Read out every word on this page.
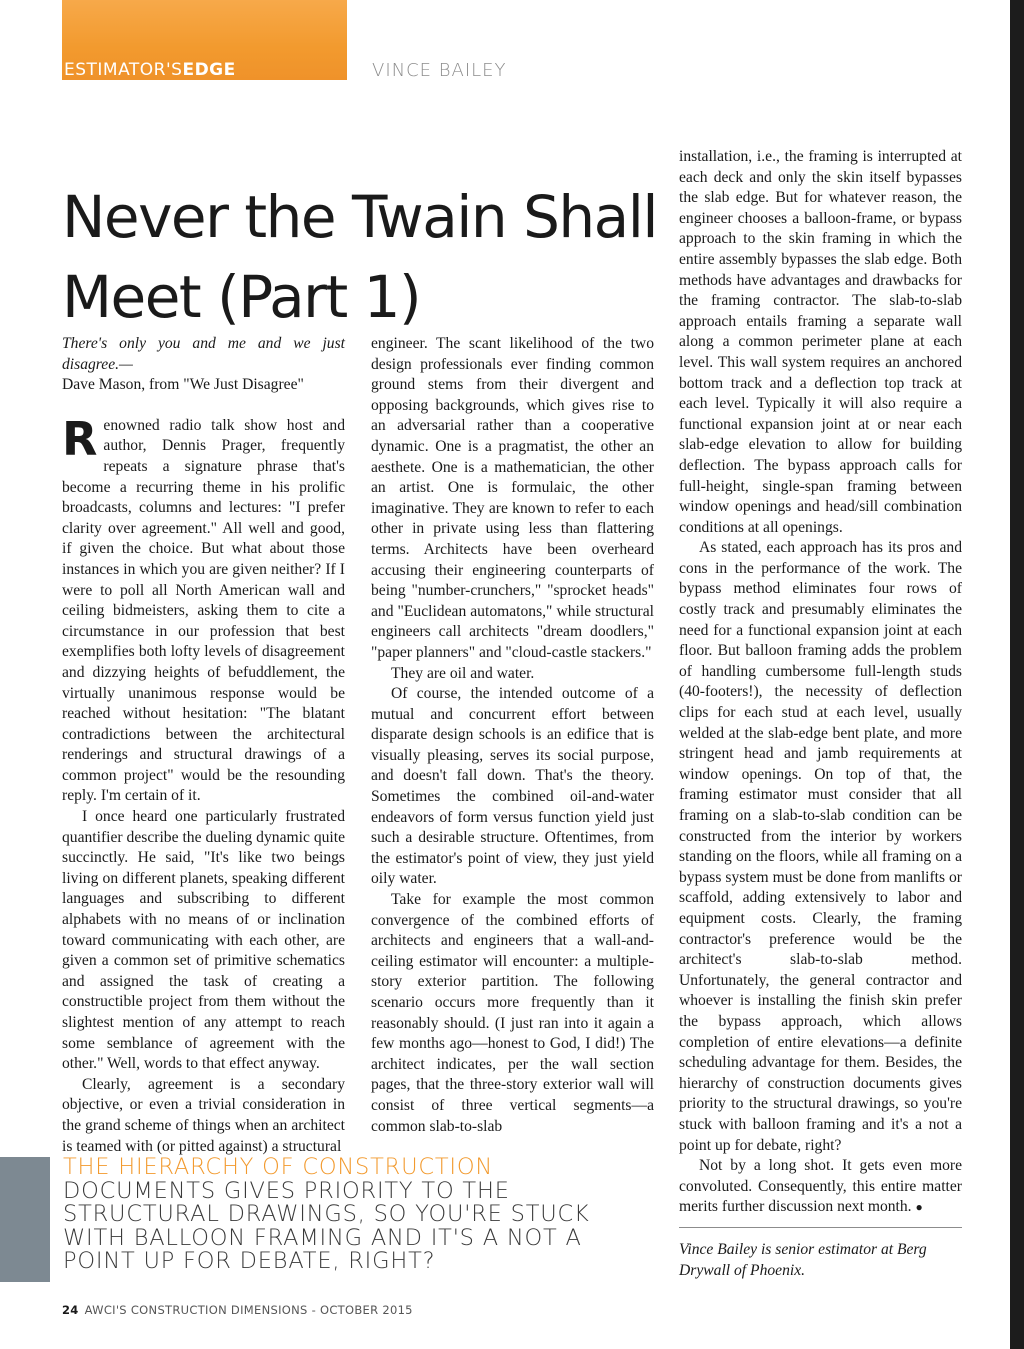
ESTIMATOR'SEDGE	VINCE BAILEY
Never the Twain Shall Meet (Part 1)

There's only you and me and we just disagree.—
Dave Mason, from "We Just Disagree"

Renowned radio talk show host and author, Dennis Prager, frequently repeats a signature phrase that's become a recurring theme in his prolific broadcasts, columns and lectures: "I prefer clarity over agreement." All well and good, if given the choice. But what about those instances in which you are given neither? If I were to poll all North American wall and ceiling bidmeisters, asking them to cite a circumstance in our profession that best exemplifies both lofty levels of disagreement and dizzying heights of befuddlement, the virtually unanimous response would be reached without hesitation: "The blatant contradictions between the architectural renderings and structural drawings of a common project" would be the resounding reply. I'm certain of it.

I once heard one particularly frustrated quantifier describe the dueling dynamic quite succinctly. He said, "It's like two beings living on different planets, speaking different languages and subscribing to different alphabets with no means of or inclination toward communicating with each other, are given a common set of primitive schematics and assigned the task of creating a constructible project from them without the slightest mention of any attempt to reach some semblance of agreement with the other." Well, words to that effect anyway.

Clearly, agreement is a secondary objective, or even a trivial consideration in the grand scheme of things when an architect is teamed with (or pitted against) a structural

engineer. The scant likelihood of the two design professionals ever finding common ground stems from their divergent and opposing backgrounds, which gives rise to an adversarial rather than a cooperative dynamic. One is a pragmatist, the other an aesthete. One is a mathematician, the other an artist. One is formulaic, the other imaginative. They are known to refer to each other in private using less than flattering terms. Architects have been overheard accusing their engineering counterparts of being "number-crunchers," "sprocket heads" and "Euclidean automatons," while structural engineers call architects "dream doodlers," "paper planners" and "cloud-castle stackers."

They are oil and water.

Of course, the intended outcome of a mutual and concurrent effort between disparate design schools is an edifice that is visually pleasing, serves its social purpose, and doesn't fall down. That's the theory. Sometimes the combined oil-and-water endeavors of form versus function yield just such a desirable structure. Oftentimes, from the estimator's point of view, they just yield oily water.

Take for example the most common convergence of the combined efforts of architects and engineers that a wall-and-ceiling estimator will encounter: a multiple-story exterior partition. The following scenario occurs more frequently than it reasonably should. (I just ran into it again a few months ago—honest to God, I did!) The architect indicates, per the wall section pages, that the three-story exterior wall will consist of three vertical segments—a common slab-to-slab

installation, i.e., the framing is interrupted at each deck and only the skin itself bypasses the slab edge. But for whatever reason, the engineer chooses a balloon-frame, or bypass approach to the skin framing in which the entire assembly bypasses the slab edge. Both methods have advantages and drawbacks for the framing contractor. The slab-to-slab approach entails framing a separate wall along a common perimeter plane at each level. This wall system requires an anchored bottom track and a deflection top track at each level. Typically it will also require a functional expansion joint at or near each slab-edge elevation to allow for building deflection. The bypass approach calls for full-height, single-span framing between window openings and head/sill combination conditions at all openings.

As stated, each approach has its pros and cons in the performance of the work. The bypass method eliminates four rows of costly track and presumably eliminates the need for a functional expansion joint at each floor. But balloon framing adds the problem of handling cumbersome full-length studs (40-footers!), the necessity of deflection clips for each stud at each level, usually welded at the slab-edge bent plate, and more stringent head and jamb requirements at window openings. On top of that, the framing estimator must consider that all framing on a slab-to-slab condition can be constructed from the interior by workers standing on the floors, while all framing on a bypass system must be done from manlifts or scaffold, adding extensively to labor and equipment costs. Clearly, the framing contractor's preference would be the architect's slab-to-slab method. Unfortunately, the general contractor and whoever is installing the finish skin prefer the bypass approach, which allows completion of entire elevations—a definite scheduling advantage for them. Besides, the hierarchy of construction documents gives priority to the structural drawings, so you're stuck with balloon framing and it's a not a point up for debate, right?

Not by a long shot. It gets even more convoluted. Consequently, this entire matter merits further discussion next month. ●

THE HIERARCHY OF CONSTRUCTION
DOCUMENTS GIVES PRIORITY TO THE STRUCTURAL DRAWINGS, SO YOU'RE STUCK WITH BALLOON FRAMING AND IT'S A NOT A POINT UP FOR DEBATE, RIGHT?	Vince Bailey is senior estimator at Berg Drywall of Phoenix.
24 AWCI'S CONSTRUCTION DIMENSIONS - OCTOBER 2015
